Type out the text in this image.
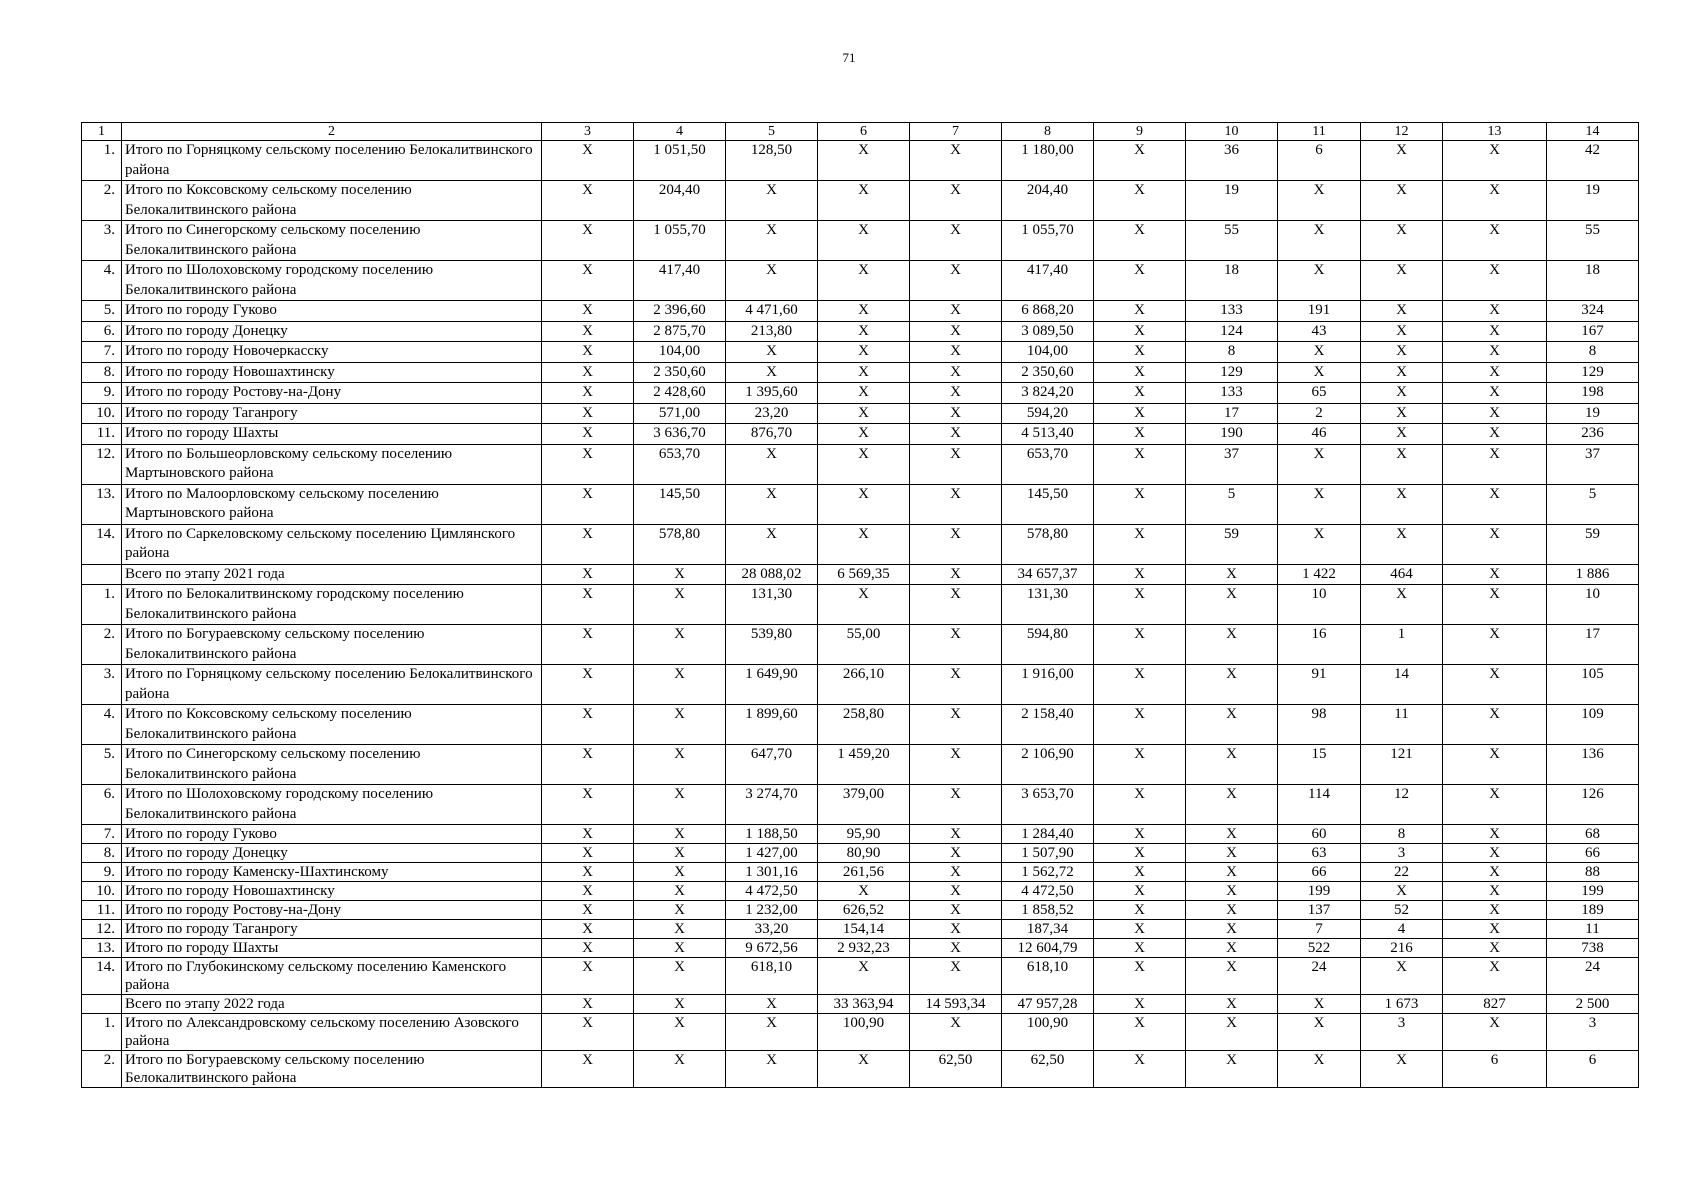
71
1	2	3	4	5	6	7	8	9	10	11	12	13	14
1.	Итого по Горняцкому сельскому поселению Белокалитвинского района	X	1 051,50	128,50	X	X	1 180,00	X	36	6	X	X	42
2.	Итого по Коксовскому сельскому поселению Белокалитвинского района	X	204,40	X	X	X	204,40	X	19	X	X	X	19
3.	Итого по Синегорскому сельскому поселению Белокалитвинского района	X	1 055,70	X	X	X	1 055,70	X	55	X	X	X	55
4.	Итого по Шолоховскому городскому поселению Белокалитвинского района	X	417,40	X	X	X	417,40	X	18	X	X	X	18
5.	Итого по городу Гуково	X	2 396,60	4 471,60	X	X	6 868,20	X	133	191	X	X	324
6.	Итого по городу Донецку	X	2 875,70	213,80	X	X	3 089,50	X	124	43	X	X	167
7.	Итого по городу Новочеркасску	X	104,00	X	X	X	104,00	X	8	X	X	X	8
8.	Итого по городу Новошахтинску	X	2 350,60	X	X	X	2 350,60	X	129	X	X	X	129
9.	Итого по городу Ростову-на-Дону	X	2 428,60	1 395,60	X	X	3 824,20	X	133	65	X	X	198
10.	Итого по городу Таганрогу	X	571,00	23,20	X	X	594,20	X	17	2	X	X	19
11.	Итого по городу Шахты	X	3 636,70	876,70	X	X	4 513,40	X	190	46	X	X	236
12.	Итого по Большеорловскому сельскому поселению Мартыновского района	X	653,70	X	X	X	653,70	X	37	X	X	X	37
13.	Итого по Малоорловскому сельскому поселению Мартыновского района	X	145,50	X	X	X	145,50	X	5	X	X	X	5
14.	Итого по Саркеловскому сельскому поселению Цимлянского района	X	578,80	X	X	X	578,80	X	59	X	X	X	59
	Всего по этапу 2021 года	X	X	28 088,02	6 569,35	X	34 657,37	X	X	1 422	464	X	1 886
1.	Итого по Белокалитвинскому городскому поселению Белокалитвинского района	X	X	131,30	X	X	131,30	X	X	10	X	X	10
2.	Итого по Богураевскому сельскому поселению Белокалитвинского района	X	X	539,80	55,00	X	594,80	X	X	16	1	X	17
3.	Итого по Горняцкому сельскому поселению Белокалитвинского района	X	X	1 649,90	266,10	X	1 916,00	X	X	91	14	X	105
4.	Итого по Коксовскому сельскому поселению Белокалитвинского района	X	X	1 899,60	258,80	X	2 158,40	X	X	98	11	X	109
5.	Итого по Синегорскому сельскому поселению Белокалитвинского района	X	X	647,70	1 459,20	X	2 106,90	X	X	15	121	X	136
6.	Итого по Шолоховскому городскому поселению Белокалитвинского района	X	X	3 274,70	379,00	X	3 653,70	X	X	114	12	X	126
7.	Итого по городу Гуково	X	X	1 188,50	95,90	X	1 284,40	X	X	60	8	X	68
8.	Итого по городу Донецку	X	X	1 427,00	80,90	X	1 507,90	X	X	63	3	X	66
9.	Итого по городу Каменску-Шахтинскому	X	X	1 301,16	261,56	X	1 562,72	X	X	66	22	X	88
10.	Итого по городу Новошахтинску	X	X	4 472,50	X	X	4 472,50	X	X	199	X	X	199
11.	Итого по городу Ростову-на-Дону	X	X	1 232,00	626,52	X	1 858,52	X	X	137	52	X	189
12.	Итого по городу Таганрогу	X	X	33,20	154,14	X	187,34	X	X	7	4	X	11
13.	Итого по городу Шахты	X	X	9 672,56	2 932,23	X	12 604,79	X	X	522	216	X	738
14.	Итого по Глубокинскому сельскому поселению Каменского района	X	X	618,10	X	X	618,10	X	X	24	X	X	24
	Всего по этапу 2022 года	X	X	X	33 363,94	14 593,34	47 957,28	X	X	X	1 673	827	2 500
1.	Итого по Александровскому сельскому поселению Азовского района	X	X	X	100,90	X	100,90	X	X	X	3	X	3
2.	Итого по Богураевскому сельскому поселению Белокалитвинского района	X	X	X	X	62,50	62,50	X	X	X	X	6	6
